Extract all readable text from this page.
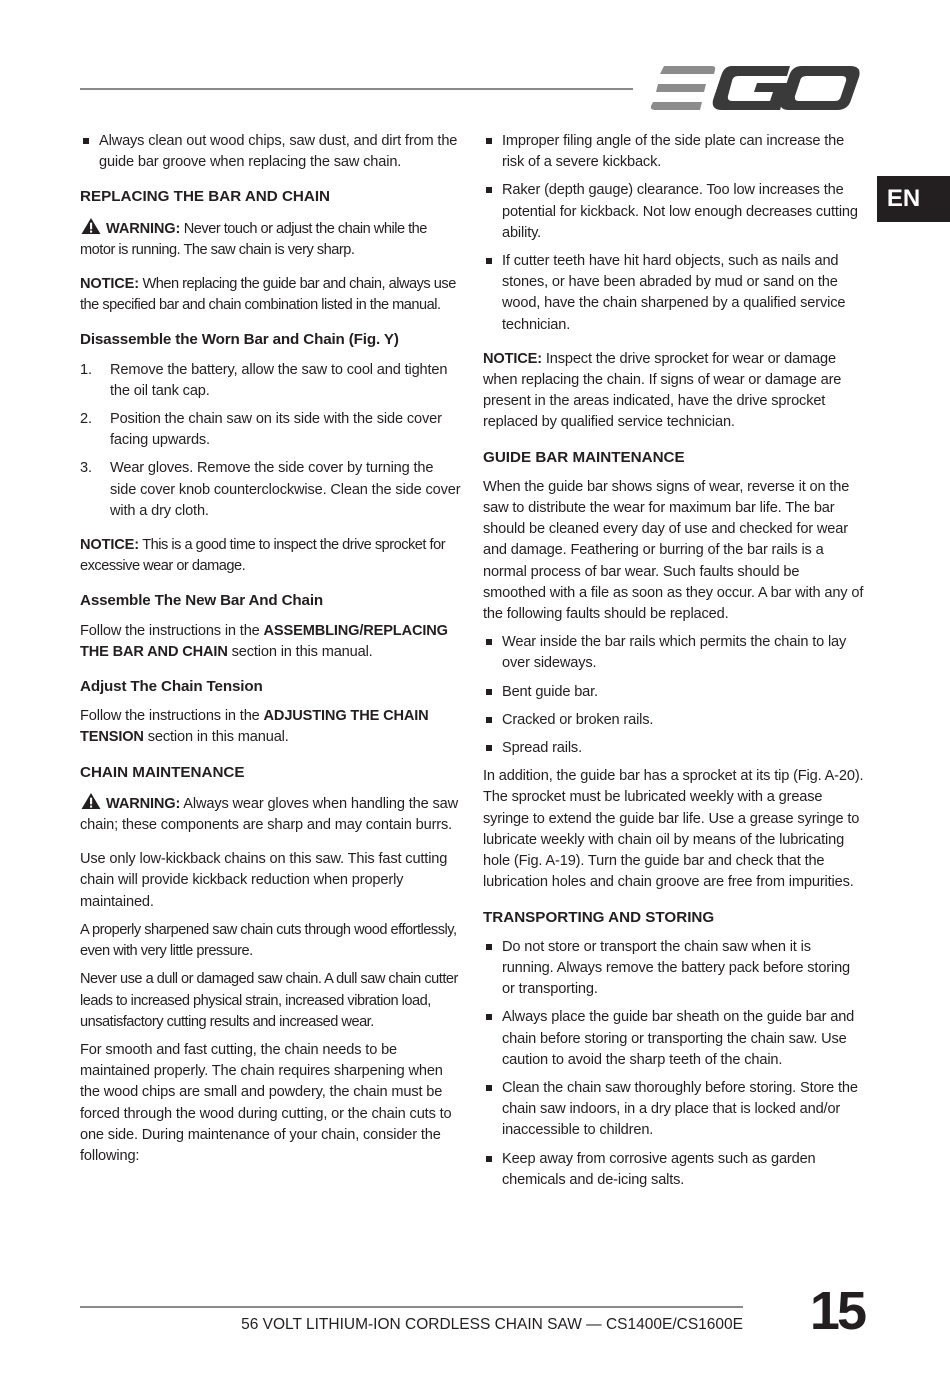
EN
Always clean out wood chips, saw dust, and dirt from the guide bar groove when replacing the saw chain.
REPLACING THE BAR AND CHAIN

WARNING: Never touch or adjust the chain while the motor is running. The saw chain is very sharp.

NOTICE: When replacing the guide bar and chain, always use the specified bar and chain combination listed in the manual.

Disassemble the Worn Bar and Chain (Fig. Y)
1. Remove the battery, allow the saw to cool and tighten the oil tank cap.
2. Position the chain saw on its side with the side cover facing upwards.
3. Wear gloves. Remove the side cover by turning the side cover knob counterclockwise. Clean the side cover with a dry cloth.

NOTICE: This is a good time to inspect the drive sprocket for excessive wear or damage.

Assemble The New Bar And Chain

Follow the instructions in the ASSEMBLING/REPLACING THE BAR AND CHAIN section in this manual.

Adjust The Chain Tension

Follow the instructions in the ADJUSTING THE CHAIN TENSION section in this manual.

CHAIN MAINTENANCE

WARNING: Always wear gloves when handling the saw chain; these components are sharp and may contain burrs.

Use only low-kickback chains on this saw. This fast cutting chain will provide kickback reduction when properly maintained.

A properly sharpened saw chain cuts through wood effortlessly, even with very little pressure.

Never use a dull or damaged saw chain. A dull saw chain cutter leads to increased physical strain, increased vibration load, unsatisfactory cutting results and increased wear.

For smooth and fast cutting, the chain needs to be maintained properly. The chain requires sharpening when the wood chips are small and powdery, the chain must be forced through the wood during cutting, or the chain cuts to one side. During maintenance of your chain, consider the following:

Improper filing angle of the side plate can increase the risk of a severe kickback.
Raker (depth gauge) clearance. Too low increases the potential for kickback. Not low enough decreases cutting ability.
If cutter teeth have hit hard objects, such as nails and stones, or have been abraded by mud or sand on the wood, have the chain sharpened by a qualified service technician.

NOTICE: Inspect the drive sprocket for wear or damage when replacing the chain. If signs of wear or damage are present in the areas indicated, have the drive sprocket replaced by qualified service technician.

GUIDE BAR MAINTENANCE

When the guide bar shows signs of wear, reverse it on the saw to distribute the wear for maximum bar life. The bar should be cleaned every day of use and checked for wear and damage. Feathering or burring of the bar rails is a normal process of bar wear. Such faults should be smoothed with a file as soon as they occur. A bar with any of the following faults should be replaced.

Wear inside the bar rails which permits the chain to lay over sideways.
Bent guide bar.
Cracked or broken rails.
Spread rails.

In addition, the guide bar has a sprocket at its tip (Fig. A-20). The sprocket must be lubricated weekly with a grease syringe to extend the guide bar life. Use a grease syringe to lubricate weekly with chain oil by means of the lubricating hole (Fig. A-19). Turn the guide bar and check that the lubrication holes and chain groove are free from impurities.

TRANSPORTING AND STORING
Do not store or transport the chain saw when it is running. Always remove the battery pack before storing or transporting.
Always place the guide bar sheath on the guide bar and chain before storing or transporting the chain saw. Use caution to avoid the sharp teeth of the chain.
Clean the chain saw thoroughly before storing. Store the chain saw indoors, in a dry place that is locked and/or inaccessible to children.
Keep away from corrosive agents such as garden chemicals and de-icing salts.
56 VOLT LITHIUM-ION CORDLESS CHAIN SAW — CS1400E/CS1600E 15
